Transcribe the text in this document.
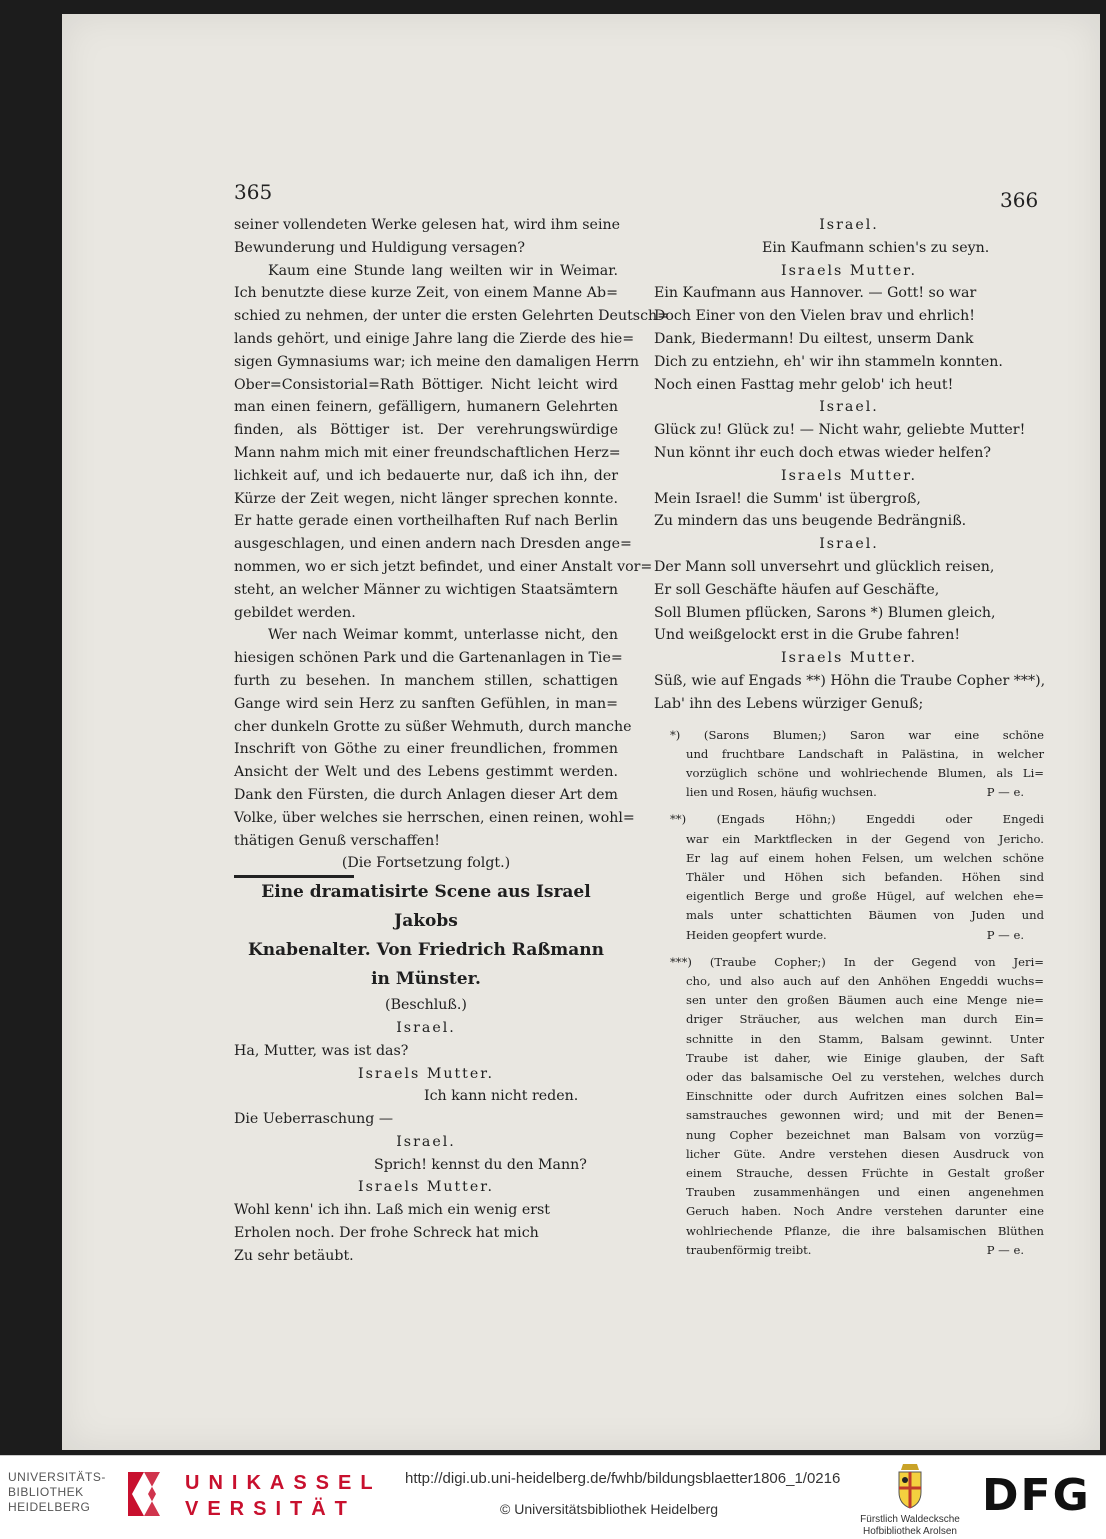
365	366
seiner vollendeten Werke gelesen hat, wird ihm seine
Bewunderung und Huldigung versagen?
Kaum eine Stunde lang weilten wir in Weimar.
Ich benutzte diese kurze Zeit, von einem Manne Ab=
schied zu nehmen, der unter die ersten Gelehrten Deutsch=
lands gehört, und einige Jahre lang die Zierde des hie=
sigen Gymnasiums war; ich meine den damaligen Herrn
Ober=Consistorial=Rath Böttiger. Nicht leicht wird
man einen feinern, gefälligern, humanern Gelehrten
finden, als Böttiger ist. Der verehrungswürdige
Mann nahm mich mit einer freundschaftlichen Herz=
lichkeit auf, und ich bedauerte nur, daß ich ihn, der
Kürze der Zeit wegen, nicht länger sprechen konnte.
Er hatte gerade einen vortheilhaften Ruf nach Berlin
ausgeschlagen, und einen andern nach Dresden ange=
nommen, wo er sich jetzt befindet, und einer Anstalt vor=
steht, an welcher Männer zu wichtigen Staatsämtern
gebildet werden.
Wer nach Weimar kommt, unterlasse nicht, den
hiesigen schönen Park und die Gartenanlagen in Tie=
furth zu besehen. In manchem stillen, schattigen
Gange wird sein Herz zu sanften Gefühlen, in man=
cher dunkeln Grotte zu süßer Wehmuth, durch manche
Inschrift von Göthe zu einer freundlichen, frommen
Ansicht der Welt und des Lebens gestimmt werden.
Dank den Fürsten, die durch Anlagen dieser Art dem
Volke, über welches sie herrschen, einen reinen, wohl=
thätigen Genuß verschaffen!
(Die Fortsetzung folgt.)
Eine dramatisirte Scene aus Israel Jakobs
Knabenalter. Von Friedrich Raßmann
in Münster.
(Beschluß.)
Israel.
Ha, Mutter, was ist das?
Israels Mutter.
Ich kann nicht reden.
Die Ueberraschung —
Israel.
Sprich! kennst du den Mann?
Israels Mutter.
Wohl kenn' ich ihn. Laß mich ein wenig erst
Erholen noch. Der frohe Schreck hat mich
Zu sehr betäubt.
Israel.
Ein Kaufmann schien's zu seyn.
Israels Mutter.
Ein Kaufmann aus Hannover. — Gott! so war
Doch Einer von den Vielen brav und ehrlich!
Dank, Biedermann! Du eiltest, unserm Dank
Dich zu entziehn, eh' wir ihn stammeln konnten.
Noch einen Fasttag mehr gelob' ich heut!
Israel.
Glück zu! Glück zu! — Nicht wahr, geliebte Mutter!
Nun könnt ihr euch doch etwas wieder helfen?
Israels Mutter.
Mein Israel! die Summ' ist übergroß,
Zu mindern das uns beugende Bedrängniß.
Israel.
Der Mann soll unversehrt und glücklich reisen,
Er soll Geschäfte häufen auf Geschäfte,
Soll Blumen pflücken, Sarons *) Blumen gleich,
Und weißgelockt erst in die Grube fahren!
Israels Mutter.
Süß, wie auf Engads **) Höhn die Traube Copher ***),
Lab' ihn des Lebens würziger Genuß;
*) (Sarons Blumen;) Saron war eine schöne
und fruchtbare Landschaft in Palästina, in welcher
vorzüglich schöne und wohlriechende Blumen, als Li=
lien und Rosen, häufig wuchsen.	P — e.
**) (Engads Höhn;) Engeddi oder Engedi
war ein Marktflecken in der Gegend von Jericho.
Er lag auf einem hohen Felsen, um welchen schöne
Thäler und Höhen sich befanden. Höhen sind
eigentlich Berge und große Hügel, auf welchen ehe=
mals unter schattichten Bäumen von Juden und
Heiden geopfert wurde.	P — e.
***) (Traube Copher;) In der Gegend von Jeri=
cho, und also auch auf den Anhöhen Engeddi wuchs=
sen unter den großen Bäumen auch eine Menge nie=
driger Sträucher, aus welchen man durch Ein=
schnitte in den Stamm, Balsam gewinnt. Unter
Traube ist daher, wie Einige glauben, der Saft
oder das balsamische Oel zu verstehen, welches durch
Einschnitte oder durch Aufritzen eines solchen Bal=
samstrauches gewonnen wird; und mit der Benen=
nung Copher bezeichnet man Balsam von vorzüg=
licher Güte. Andre verstehen diesen Ausdruck von
einem Strauche, dessen Früchte in Gestalt großer
Trauben zusammenhängen und einen angenehmen
Geruch haben. Noch Andre verstehen darunter eine
wohlriechende Pflanze, die ihre balsamischen Blüthen
traubenförmig treibt.	P — e.
UNIVERSITÄTS-
BIBLIOTHEK
HEIDELBERG
UNIKASSEL
VERSITÄT
http://digi.ub.uni-heidelberg.de/fwhb/bildungsblaetter1806_1/0216
© Universitätsbibliothek Heidelberg
Fürstlich Waldecksche
Hofbibliothek Arolsen
DFG
